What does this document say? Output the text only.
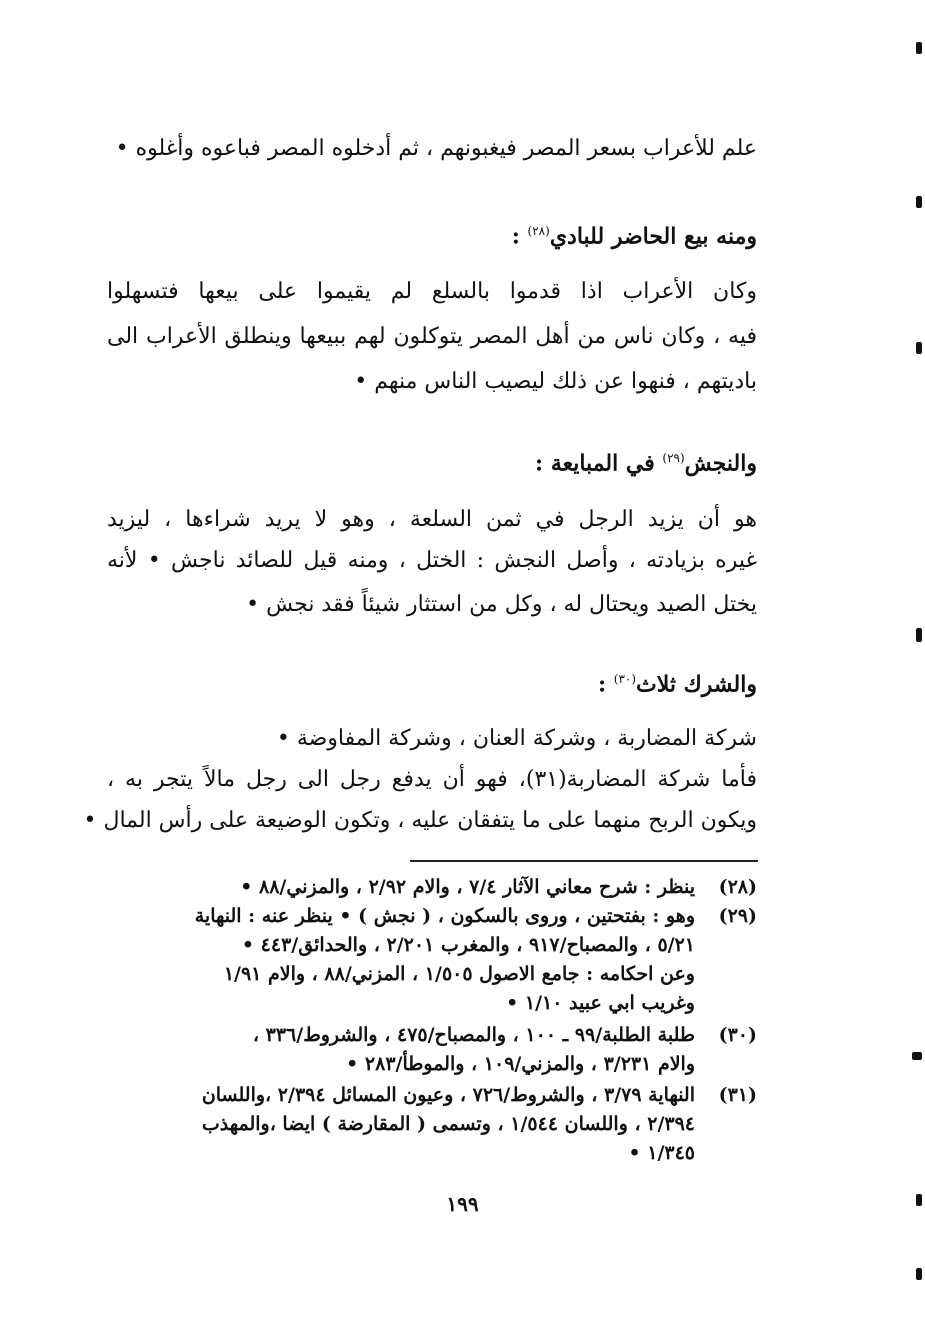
علم للأعراب بسعر المصر فيغبونهم ، ثم أدخلوه المصر فباعوه وأغلوه •
ومنه بيع الحاضر للبادي$^{(٢٨)}$ :
وكان الأعراب اذا قدموا بالسلع لم يقيموا على بيعها فتسهلوا
فيه ، وكان ناس من أهل المصر يتوكلون لهم ببيعها وينطلق الأعراب الى
باديتهم ، فنهوا عن ذلك ليصيب الناس منهم •
والنجش$^{(٢٩)}$ في المبايعة :
هو أن يزيد الرجل في ثمن السلعة ، وهو لا يريد شراءها ، ليزيد
غيره بزيادته ، وأصل النجش : الختل ، ومنه قيل للصائد ناجش • لأنه
يختل الصيد ويحتال له ، وكل من استثار شيئاً فقد نجش •
والشرك ثلاث$^{(٣٠)}$ :
شركة المضاربة ، وشركة العنان ، وشركة المفاوضة •
فأما شركة المضاربة(٣١)، فهو أن يدفع رجل الى رجل مالاً يتجر به ،
ويكون الربح منهما على ما يتفقان عليه ، وتكون الوضيعة على رأس المال •
(٢٨)
ينظر : شرح معاني الآثار ٧/٤ ، والام ٢/٩٢ ، والمزني/٨٨ •
(٢٩)
وهو : بفتحتين ، وروى بالسكون ، ( نجش ) • ينظر عنه : النهاية
٥/٢١ ، والمصباح/٩١٧ ، والمغرب ٢/٢٠١ ، والحدائق/٤٤٣ •
وعن احكامه : جامع الاصول ١/٥٠٥ ، المزني/٨٨ ، والام ١/٩١
وغريب ابي عبيد ١/١٠ •
(٣٠)
طلبة الطلبة/٩٩ ـ ١٠٠ ، والمصباح/٤٧٥ ، والشروط/٣٣٦ ،
والام ٣/٢٣١ ، والمزني/١٠٩ ، والموطأ/٢٨٣ •
(٣١)
النهاية ٣/٧٩ ، والشروط/٧٢٦ ، وعيون المسائل ٢/٣٩٤ ،واللسان
٢/٣٩٤ ، واللسان ١/٥٤٤ ، وتسمى ( المقارضة ) ايضا ،والمهذب
١/٣٤٥ •
١٩٩
